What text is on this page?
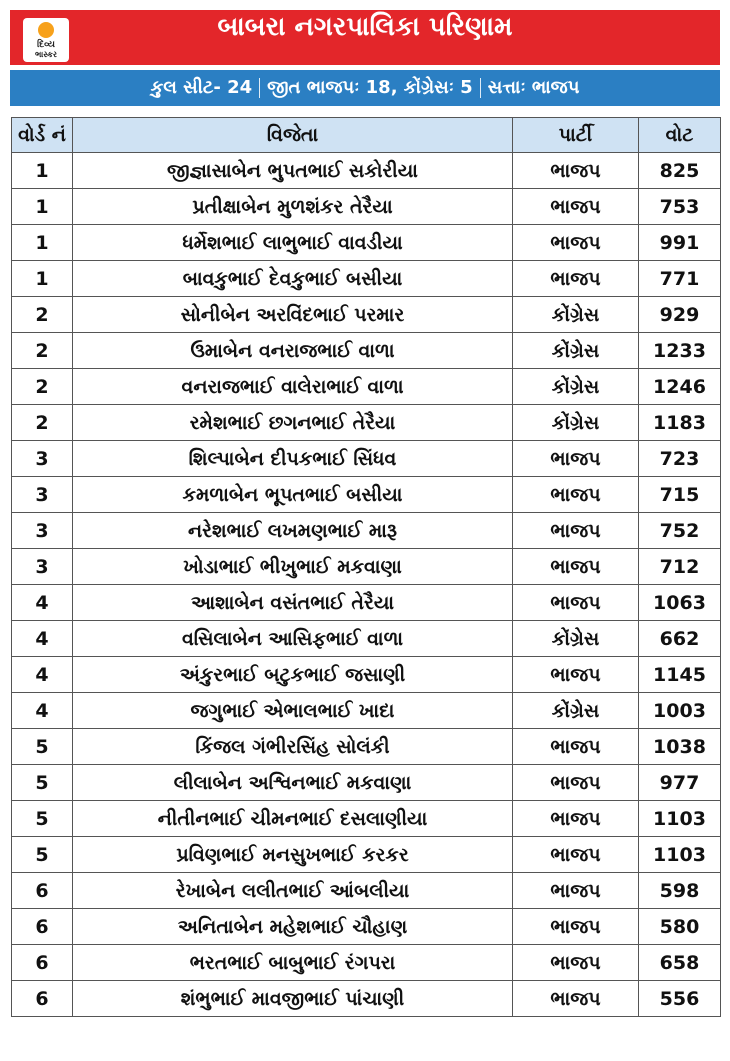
દિવ્ય
ભાસ્કર
બાબરા નગરપાલિકા પરિણામ
કુલ સીટ- 24 જીત ભાજપઃ 18, કોંગ્રેસઃ 5 સત્તાઃ ભાજપ
વોર્ડ નં	વિજેતા	પાર્ટી	વોટ
1	જીજ્ઞાસાબેન ભુપતભાઈ સકોરીયા	ભાજપ	825
1	પ્રતીક્ષાબેન મુળશંકર તેરૈયા	ભાજપ	753
1	ધર્મેશભાઈ લાભુભાઈ વાવડીયા	ભાજપ	991
1	બાવકુભાઈ દેવકુભાઈ બસીયા	ભાજપ	771
2	સોનીબેન અરવિંદભાઈ પરમાર	કોંગ્રેસ	929
2	ઉમાબેન વનરાજભાઈ વાળા	કોંગ્રેસ	1233
2	વનરાજભાઈ વાલેરાભાઈ વાળા	કોંગ્રેસ	1246
2	રમેશભાઈ છગનભાઈ તેરૈયા	કોંગ્રેસ	1183
3	શિલ્પાબેન દીપકભાઈ સિંધવ	ભાજપ	723
3	કમળાબેન ભૂપતભાઈ બસીયા	ભાજપ	715
3	નરેશભાઈ લખમણભાઈ મારૂ	ભાજપ	752
3	ખોડાભાઈ ભીખુભાઈ મકવાણા	ભાજપ	712
4	આશાબેન વસંતભાઈ તેરૈયા	ભાજપ	1063
4	વસિલાબેન આસિફભાઈ વાળા	કોંગ્રેસ	662
4	અંકુરભાઈ બટુકભાઈ જસાણી	ભાજપ	1145
4	જગુભાઈ એભાલભાઈ ખાદા	કોંગ્રેસ	1003
5	કિંજલ ગંભીરસિંહ સોલંકી	ભાજપ	1038
5	લીલાબેન અશ્વિનભાઈ મકવાણા	ભાજપ	977
5	નીતીનભાઈ ચીમનભાઈ દસલાણીયા	ભાજપ	1103
5	પ્રવિણભાઈ મનસુખભાઈ કરકર	ભાજપ	1103
6	રેખાબેન લલીતભાઈ આંબલીયા	ભાજપ	598
6	અનિતાબેન મહેશભાઈ ચૌહાણ	ભાજપ	580
6	ભરતભાઈ બાબુભાઈ રંગપરા	ભાજપ	658
6	શંભુભાઈ માવજીભાઈ પાંચાણી	ભાજપ	556
